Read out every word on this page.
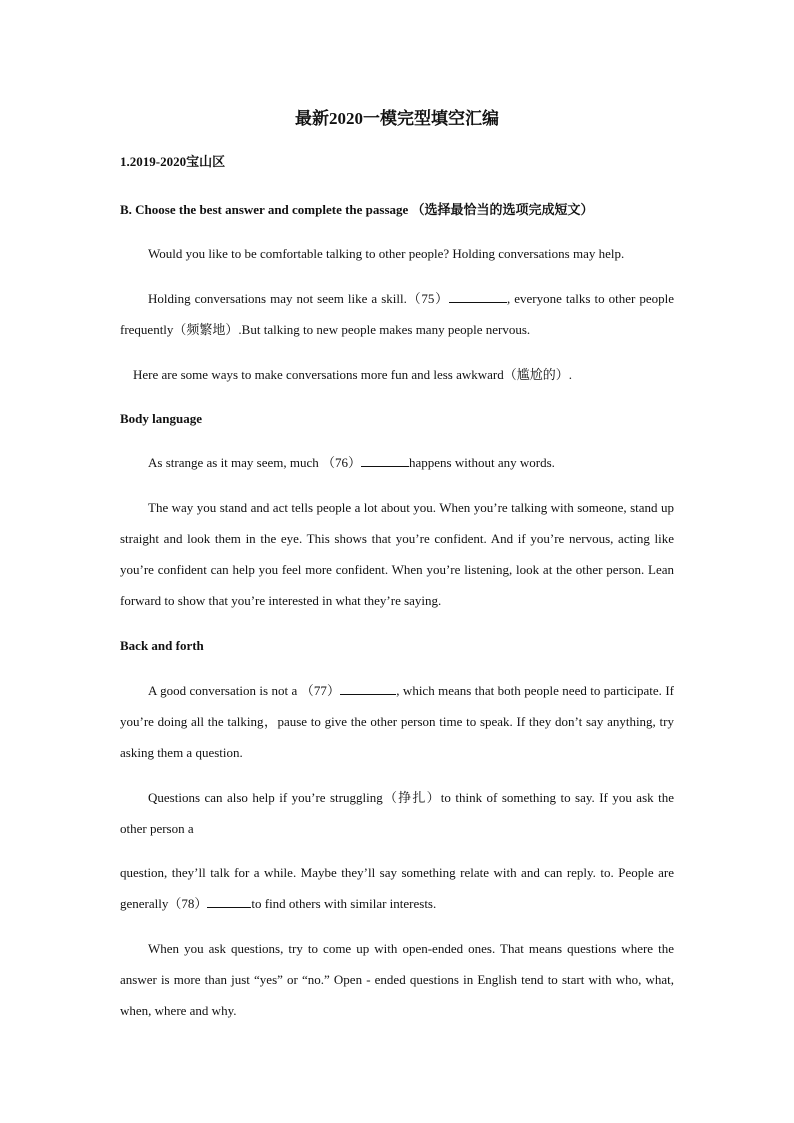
最新2020一模完型填空汇编
1.2019-2020宝山区
B. Choose the best answer and complete the passage （选择最恰当的选项完成短文）
Would you like to be comfortable talking to other people? Holding conversations may help.
Holding conversations may not seem like a skill.（75）	, everyone talks to other people frequently（频繁地）.But talking to new people makes many people nervous.
Here are some ways to make conversations more fun and less awkward（尴尬的）.
Body language
As strange as it may seem, much （76）	happens without any words.
The way you stand and act tells people a lot about you. When you’re talking with someone, stand up straight and look them in the eye. This shows that you’re confident. And if you’re nervous, acting like you’re confident can help you feel more confident. When you’re listening, look at the other person. Lean forward to show that you’re interested in what they’re saying.
Back and forth
A good conversation is not a （77）	, which means that both people need to participate. If you’re doing all the talking，pause to give the other person time to speak. If they don’t say anything, try asking them a question.
Questions can also help if you’re struggling（挣扎）to think of something to say. If you ask the other person a
question, they’ll talk for a while. Maybe they’ll say something relate with and can reply. to. People are generally（78）	to find others with similar interests.
When you ask questions, try to come up with open-ended ones. That means questions where the answer is more than just “yes” or “no.” Open - ended questions in English tend to start with who, what, when, where and why.
